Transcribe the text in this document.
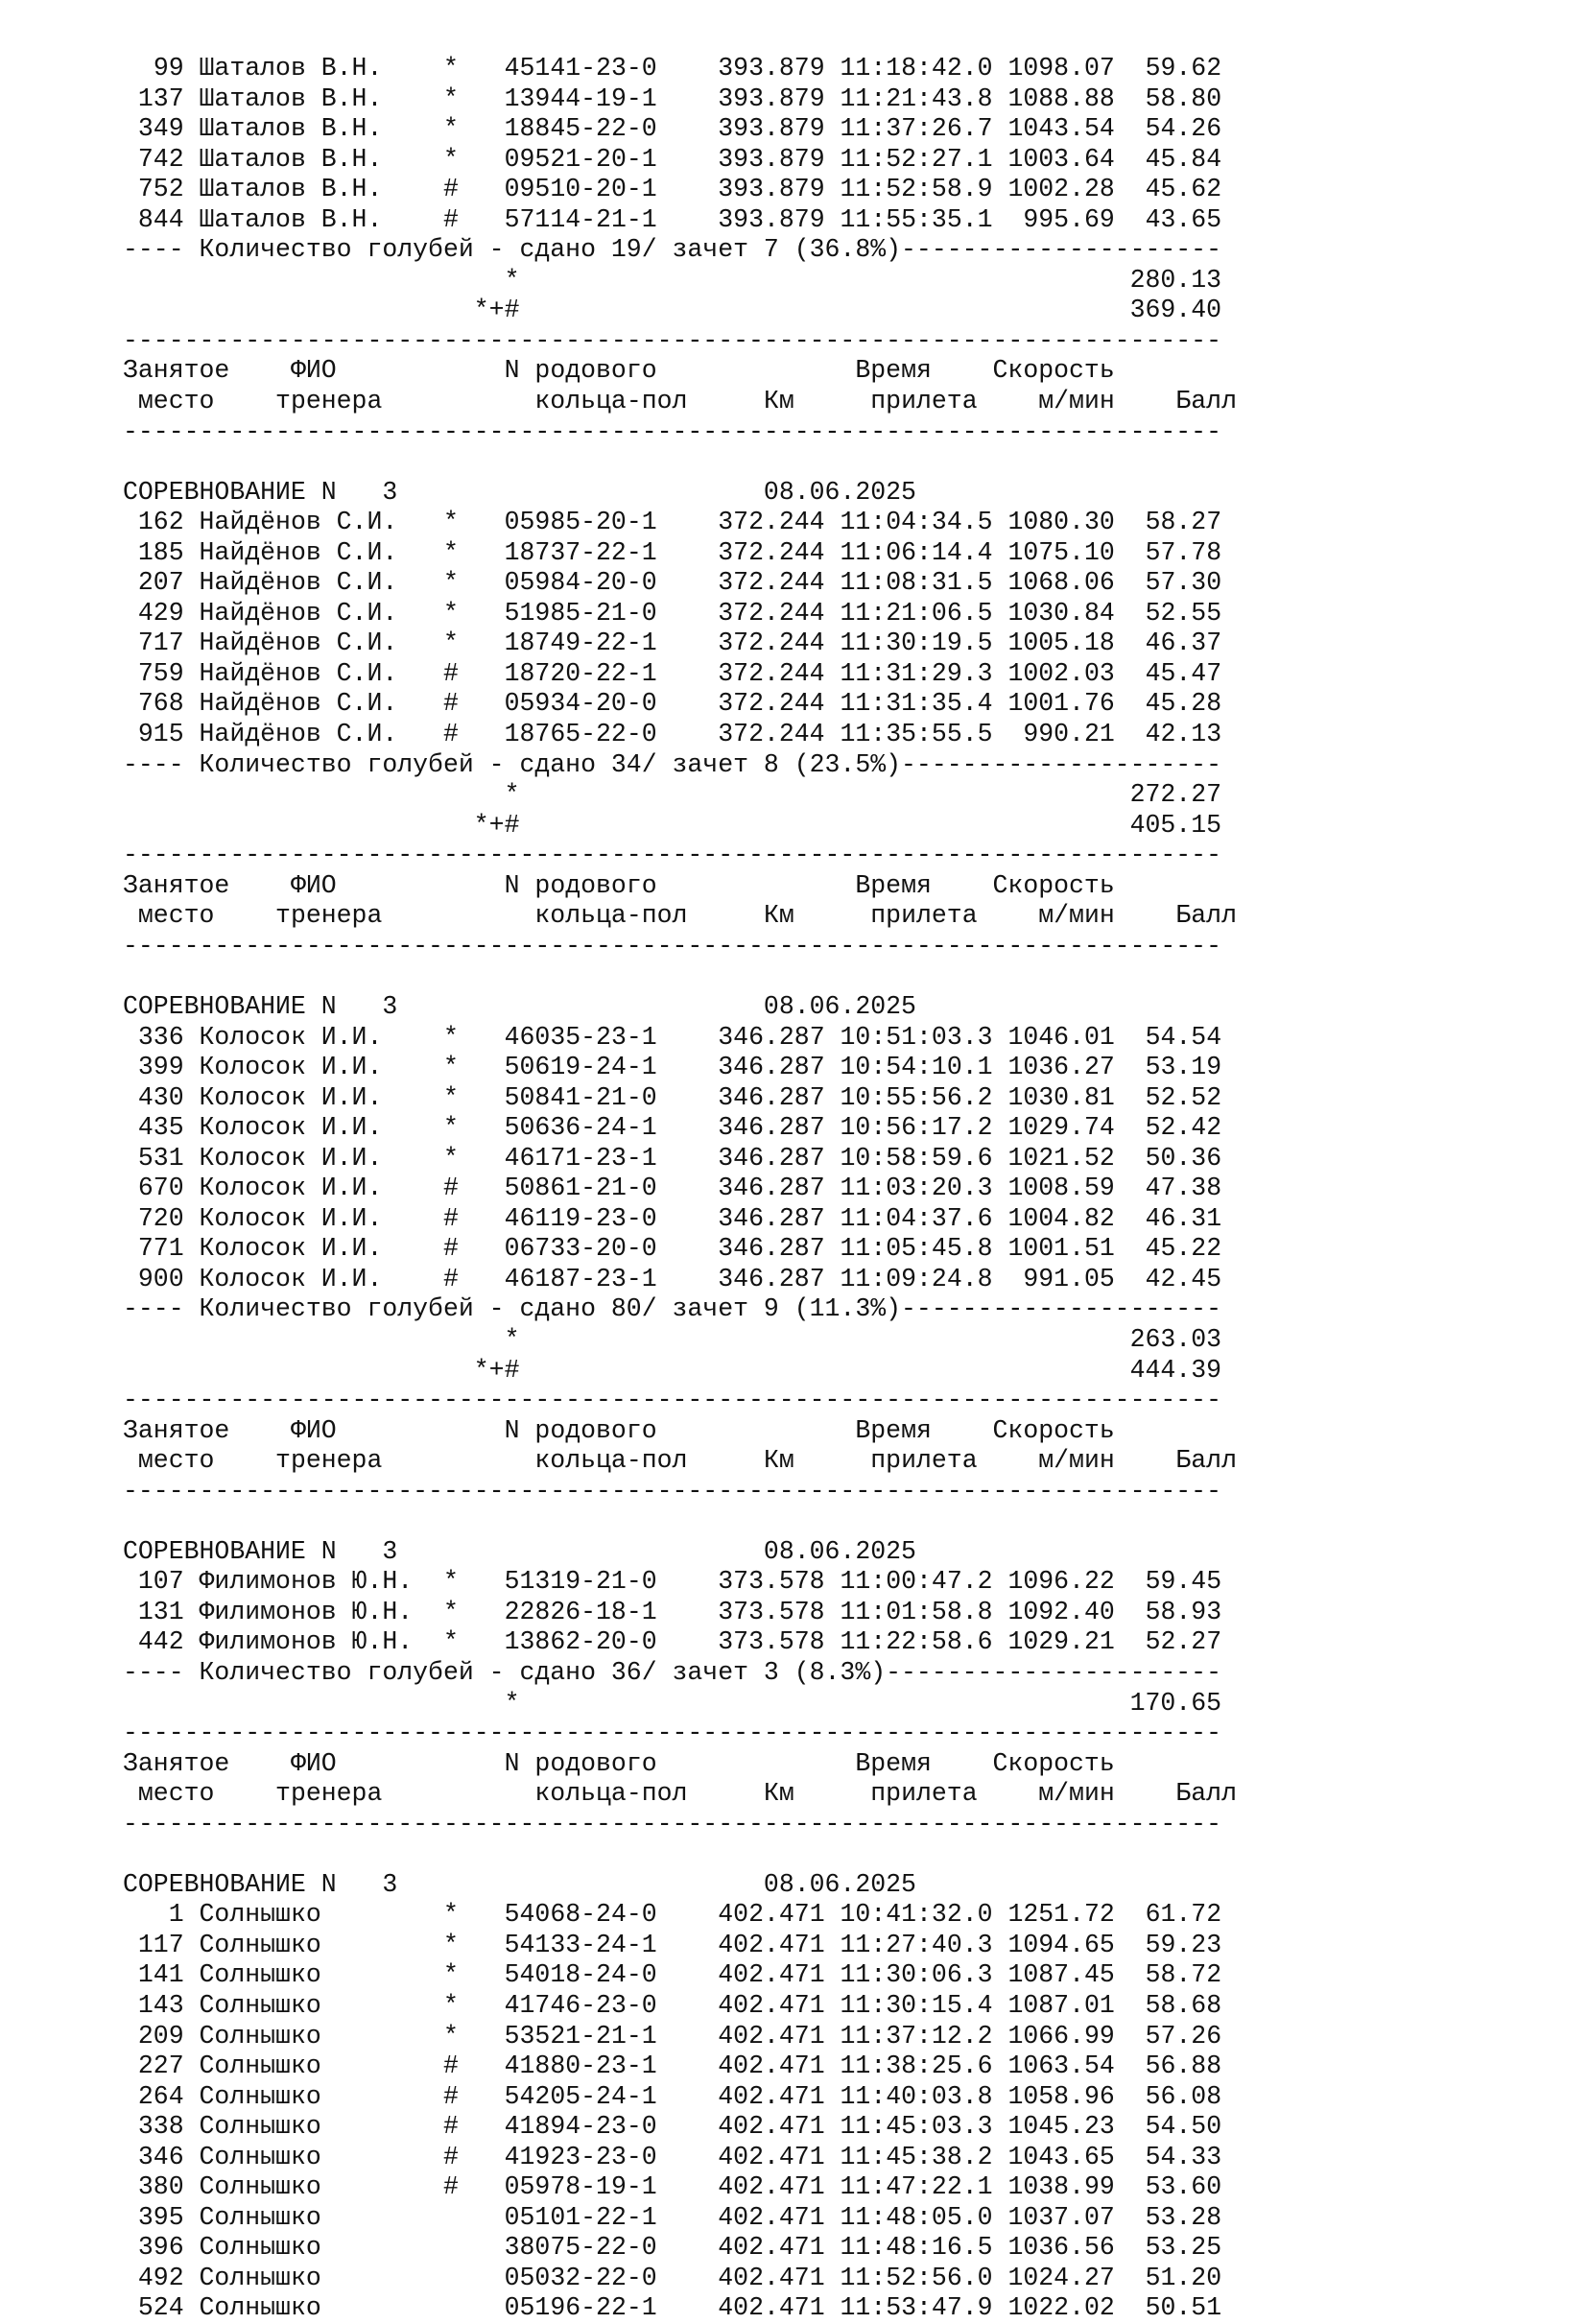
99 Шаталов В.Н. * 45141-23-0 393.879 11:18:42.0 1098.07 59.62
137 Шаталов В.Н. * 13944-19-1 393.879 11:21:43.8 1088.88 58.80
349 Шаталов В.Н. * 18845-22-0 393.879 11:37:26.7 1043.54 54.26
742 Шаталов В.Н. * 09521-20-1 393.879 11:52:27.1 1003.64 45.84
752 Шаталов В.Н. # 09510-20-1 393.879 11:52:58.9 1002.28 45.62
844 Шаталов В.Н. # 57114-21-1 393.879 11:55:35.1 995.69 43.65
---- Количество голубей - сдано 19/ зачет 7 (36.8%)---------------------
*	280.13
*+#	369.40
------------------------------------------------------------------------
Занятое ФИО	N родового	Время Скорость
место тренера	кольца-пол	Км	прилета м/мин Балл
------------------------------------------------------------------------

СОРЕВНОВАНИЕ N   3	08.06.2025
162 Найдёнов С.И. * 05985-20-1 372.244 11:04:34.5 1080.30 58.27
185 Найдёнов С.И. * 18737-22-1 372.244 11:06:14.4 1075.10 57.78
207 Найдёнов С.И. * 05984-20-0 372.244 11:08:31.5 1068.06 57.30
429 Найдёнов С.И. * 51985-21-0 372.244 11:21:06.5 1030.84 52.55
717 Найдёнов С.И. * 18749-22-1 372.244 11:30:19.5 1005.18 46.37
759 Найдёнов С.И. # 18720-22-1 372.244 11:31:29.3 1002.03 45.47
768 Найдёнов С.И. # 05934-20-0 372.244 11:31:35.4 1001.76 45.28
915 Найдёнов С.И. # 18765-22-0 372.244 11:35:55.5 990.21 42.13
---- Количество голубей - сдано 34/ зачет 8 (23.5%)---------------------
*	272.27
*+#	405.15
------------------------------------------------------------------------
Занятое ФИО	N родового	Время Скорость
место тренера	кольца-пол	Км	прилета м/мин Балл
------------------------------------------------------------------------

СОРЕВНОВАНИЕ N   3	08.06.2025
336 Колосок И.И. * 46035-23-1 346.287 10:51:03.3 1046.01 54.54
399 Колосок И.И. * 50619-24-1 346.287 10:54:10.1 1036.27 53.19
430 Колосок И.И. * 50841-21-0 346.287 10:55:56.2 1030.81 52.52
435 Колосок И.И. * 50636-24-1 346.287 10:56:17.2 1029.74 52.42
531 Колосок И.И. * 46171-23-1 346.287 10:58:59.6 1021.52 50.36
670 Колосок И.И. # 50861-21-0 346.287 11:03:20.3 1008.59 47.38
720 Колосок И.И. # 46119-23-0 346.287 11:04:37.6 1004.82 46.31
771 Колосок И.И. # 06733-20-0 346.287 11:05:45.8 1001.51 45.22
900 Колосок И.И. # 46187-23-1 346.287 11:09:24.8 991.05 42.45
---- Количество голубей - сдано 80/ зачет 9 (11.3%)---------------------
*	263.03
*+#	444.39
------------------------------------------------------------------------
Занятое ФИО	N родового	Время Скорость
место тренера	кольца-пол	Км	прилета м/мин Балл
------------------------------------------------------------------------

СОРЕВНОВАНИЕ N   3	08.06.2025
107 Филимонов Ю.Н. * 51319-21-0 373.578 11:00:47.2 1096.22 59.45
131 Филимонов Ю.Н. * 22826-18-1 373.578 11:01:58.8 1092.40 58.93
442 Филимонов Ю.Н. * 13862-20-0 373.578 11:22:58.6 1029.21 52.27
---- Количество голубей - сдано 36/ зачет 3 (8.3%)----------------------
*	170.65
------------------------------------------------------------------------
Занятое ФИО	N родового	Время Скорость
место тренера	кольца-пол	Км	прилета м/мин Балл
------------------------------------------------------------------------

СОРЕВНОВАНИЕ N   3	08.06.2025
1 Солнышко	* 54068-24-0 402.471 10:41:32.0 1251.72 61.72
117 Солнышко	* 54133-24-1 402.471 11:27:40.3 1094.65 59.23
141 Солнышко	* 54018-24-0 402.471 11:30:06.3 1087.45 58.72
143 Солнышко	* 41746-23-0 402.471 11:30:15.4 1087.01 58.68
209 Солнышко	* 53521-21-1 402.471 11:37:12.2 1066.99 57.26
227 Солнышко	# 41880-23-1 402.471 11:38:25.6 1063.54 56.88
264 Солнышко	# 54205-24-1 402.471 11:40:03.8 1058.96 56.08
338 Солнышко	# 41894-23-0 402.471 11:45:03.3 1045.23 54.50
346 Солнышко	# 41923-23-0 402.471 11:45:38.2 1043.65 54.33
380 Солнышко	# 05978-19-1 402.471 11:47:22.1 1038.99 53.60
395 Солнышко	05101-22-1 402.471 11:48:05.0 1037.07 53.28
396 Солнышко	38075-22-0 402.471 11:48:16.5 1036.56 53.25
492 Солнышко	05032-22-0 402.471 11:52:56.0 1024.27 51.20
524 Солнышко	05196-22-1 402.471 11:53:47.9 1022.02 50.51
